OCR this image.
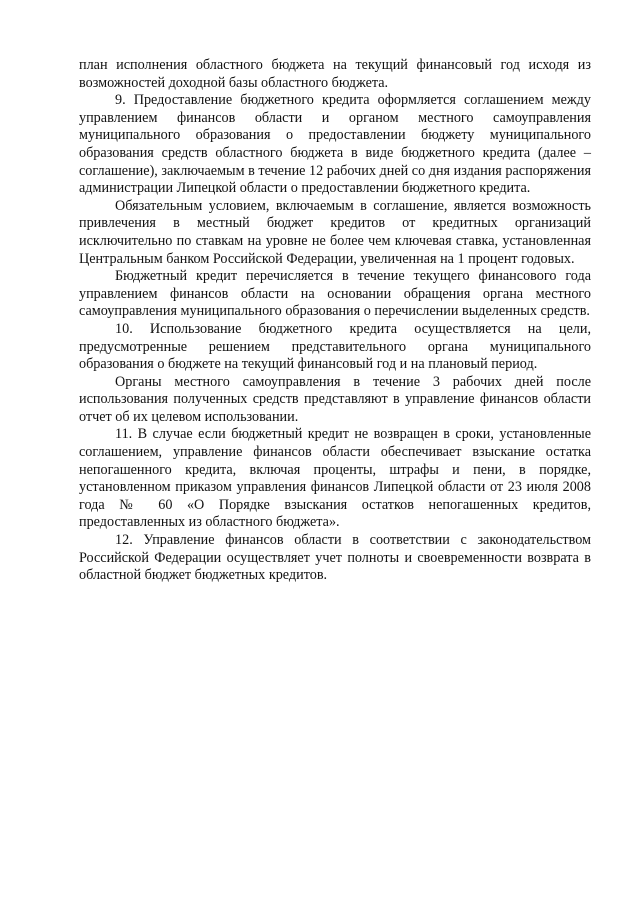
план исполнения областного бюджета на текущий финансовый год исходя из возможностей доходной базы областного бюджета.

9. Предоставление бюджетного кредита оформляется соглашением между управлением финансов области и органом местного самоуправления муниципального образования о предоставлении бюджету муниципального образования средств областного бюджета в виде бюджетного кредита (далее – соглашение), заключаемым в течение 12 рабочих дней со дня издания распоряжения администрации Липецкой области о предоставлении бюджетного кредита.

Обязательным условием, включаемым в соглашение, является возможность привлечения в местный бюджет кредитов от кредитных организаций исключительно по ставкам на уровне не более чем ключевая ставка, установленная Центральным банком Российской Федерации, увеличенная на 1 процент годовых.

Бюджетный кредит перечисляется в течение текущего финансового года управлением финансов области на основании обращения органа местного самоуправления муниципального образования о перечислении выделенных средств.

10. Использование бюджетного кредита осуществляется на цели, предусмотренные решением представительного органа муниципального образования о бюджете на текущий финансовый год и на плановый период.

Органы местного самоуправления в течение 3 рабочих дней после использования полученных средств представляют в управление финансов области отчет об их целевом использовании.

11. В случае если бюджетный кредит не возвращен в сроки, установленные соглашением, управление финансов области обеспечивает взыскание остатка непогашенного кредита, включая проценты, штрафы и пени, в порядке, установленном приказом управления финансов Липецкой области от 23 июля 2008 года № 60 «О Порядке взыскания остатков непогашенных кредитов, предоставленных из областного бюджета».

12. Управление финансов области в соответствии с законодательством Российской Федерации осуществляет учет полноты и своевременности возврата в областной бюджет бюджетных кредитов.
